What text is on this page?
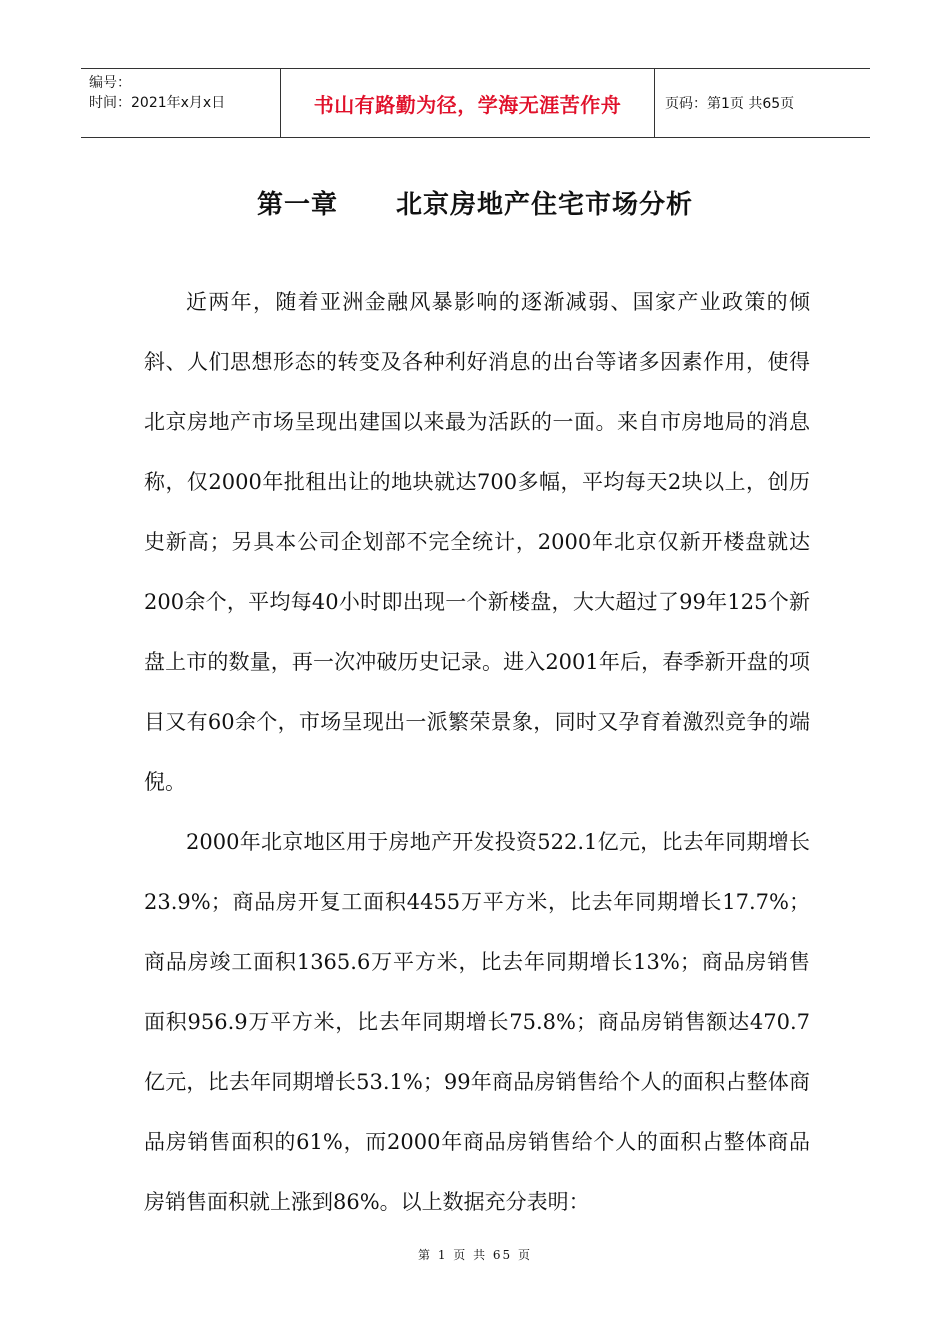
编号：
时间：2021年x月x日	书山有路勤为径，学海无涯苦作舟	页码：第1页 共65页
第一章 北京房地产住宅市场分析

近两年，随着亚洲金融风暴影响的逐渐减弱、国家产业政策的倾斜、人们思想形态的转变及各种利好消息的出台等诸多因素作用，使得北京房地产市场呈现出建国以来最为活跃的一面。来自市房地局的消息称，仅2000年批租出让的地块就达700多幅，平均每天2块以上，创历史新高；另具本公司企划部不完全统计，2000年北京仅新开楼盘就达200余个，平均每40小时即出现一个新楼盘，大大超过了99年125个新盘上市的数量，再一次冲破历史记录。进入2001年后，春季新开盘的项目又有60余个，市场呈现出一派繁荣景象，同时又孕育着激烈竞争的端倪。

2000年北京地区用于房地产开发投资522.1亿元，比去年同期增长23.9%；商品房开复工面积4455万平方米，比去年同期增长17.7%；商品房竣工面积1365.6万平方米，比去年同期增长13%；商品房销售面积956.9万平方米，比去年同期增长75.8%；商品房销售额达470.7亿元，比去年同期增长53.1%；99年商品房销售给个人的面积占整体商品房销售面积的61%，而2000年商品房销售给个人的面积占整体商品房销售面积就上涨到86%。以上数据充分表明：

第 1 页 共 65 页
